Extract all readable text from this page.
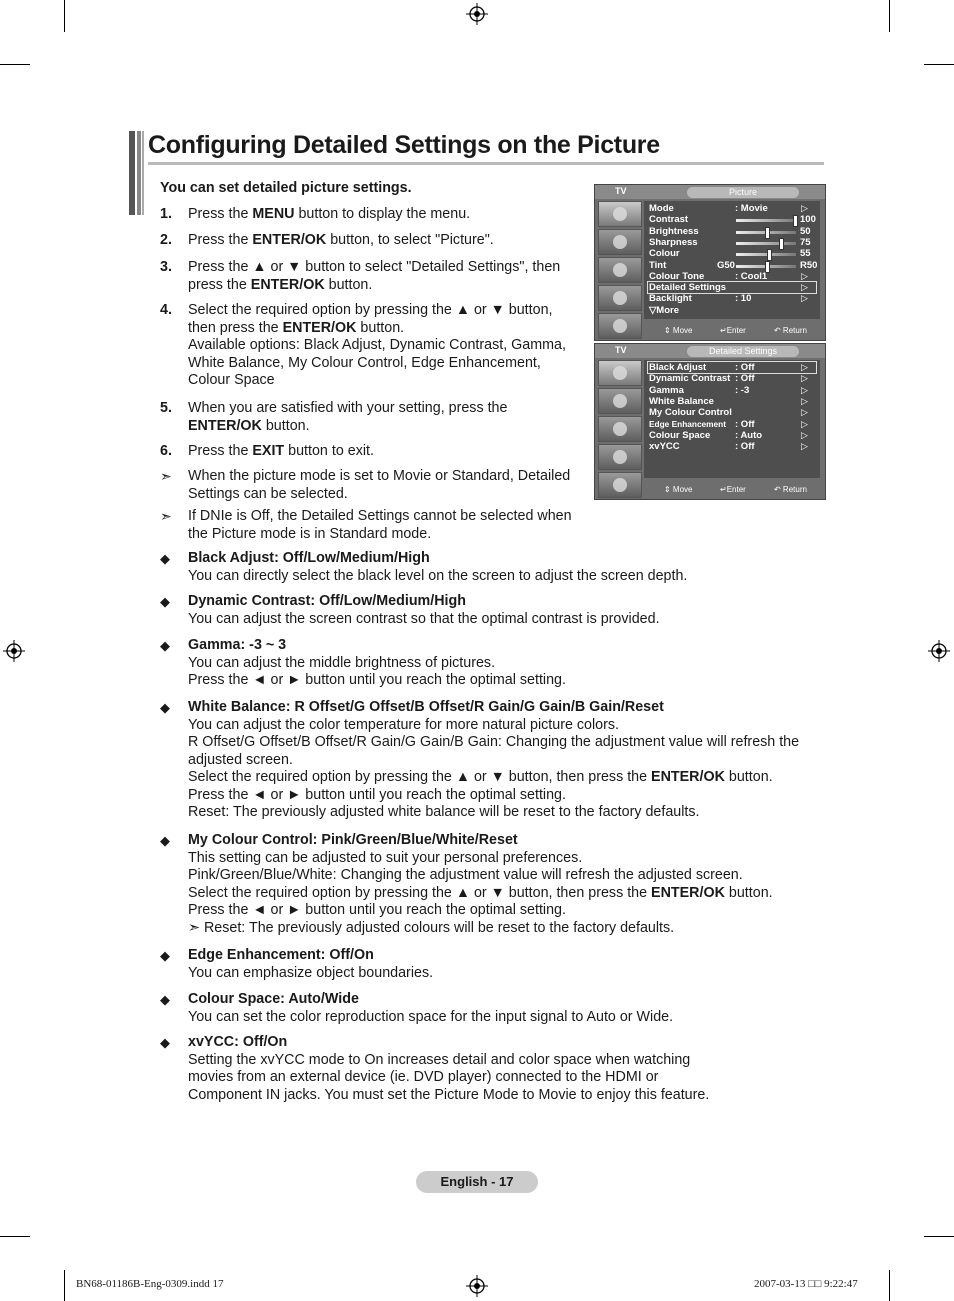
Configuring Detailed Settings on the Picture
You can set detailed picture settings.
1. Press the MENU button to display the menu.
2. Press the ENTER/OK button, to select "Picture".
3. Press the ▲ or ▼ button to select "Detailed Settings", then press the ENTER/OK button.
4. Select the required option by pressing the ▲ or ▼ button, then press the ENTER/OK button.
Available options: Black Adjust, Dynamic Contrast, Gamma, White Balance, My Colour Control, Edge Enhancement, Colour Space
5. When you are satisfied with your setting, press the ENTER/OK button.
6. Press the EXIT button to exit.
➣ When the picture mode is set to Movie or Standard, Detailed Settings can be selected.
➣ If DNIe is Off, the Detailed Settings cannot be selected when the Picture mode is in Standard mode.
◆ Black Adjust: Off/Low/Medium/High
You can directly select the black level on the screen to adjust the screen depth.
◆ Dynamic Contrast: Off/Low/Medium/High
You can adjust the screen contrast so that the optimal contrast is provided.
◆ Gamma: -3 ~ 3
You can adjust the middle brightness of pictures.
Press the ◄ or ► button until you reach the optimal setting.
◆ White Balance: R Offset/G Offset/B Offset/R Gain/G Gain/B Gain/Reset
You can adjust the color temperature for more natural picture colors.
R Offset/G Offset/B Offset/R Gain/G Gain/B Gain: Changing the adjustment value will refresh the adjusted screen.
Select the required option by pressing the ▲ or ▼ button, then press the ENTER/OK button.
Press the ◄ or ► button until you reach the optimal setting.
Reset: The previously adjusted white balance will be reset to the factory defaults.
◆ My Colour Control: Pink/Green/Blue/White/Reset
This setting can be adjusted to suit your personal preferences.
Pink/Green/Blue/White: Changing the adjustment value will refresh the adjusted screen.
Select the required option by pressing the ▲ or ▼ button, then press the ENTER/OK button.
Press the ◄ or ► button until you reach the optimal setting.
➣ Reset: The previously adjusted colours will be reset to the factory defaults.
◆ Edge Enhancement: Off/On
You can emphasize object boundaries.
◆ Colour Space: Auto/Wide
You can set the color reproduction space for the input signal to Auto or Wide.
◆ xvYCC: Off/On
Setting the xvYCC mode to On increases detail and color space when watching movies from an external device (ie. DVD player) connected to the HDMI or Component IN jacks. You must set the Picture Mode to Movie to enjoy this feature.
TV	Picture
Mode	: Movie	▷
Contrast	100
Brightness	50
Sharpness	75
Colour	55
Tint	G50	R50
Colour Tone	: Cool1	▷
Detailed Settings	▷
Backlight	: 10	▷
▽More
⇕ Move	↵Enter	↶ Return
TV	Detailed Settings
Black Adjust	: Off	▷
Dynamic Contrast : Off	▷
Gamma	: -3	▷
White Balance	▷
My Colour Control	▷
Edge Enhancement : Off	▷
Colour Space	: Auto	▷
xvYCC	: Off	▷
⇕ Move	↵Enter	↶ Return
English - 17
BN68-01186B-Eng-0309.indd 17	2007-03-13 □□ 9:22:47
